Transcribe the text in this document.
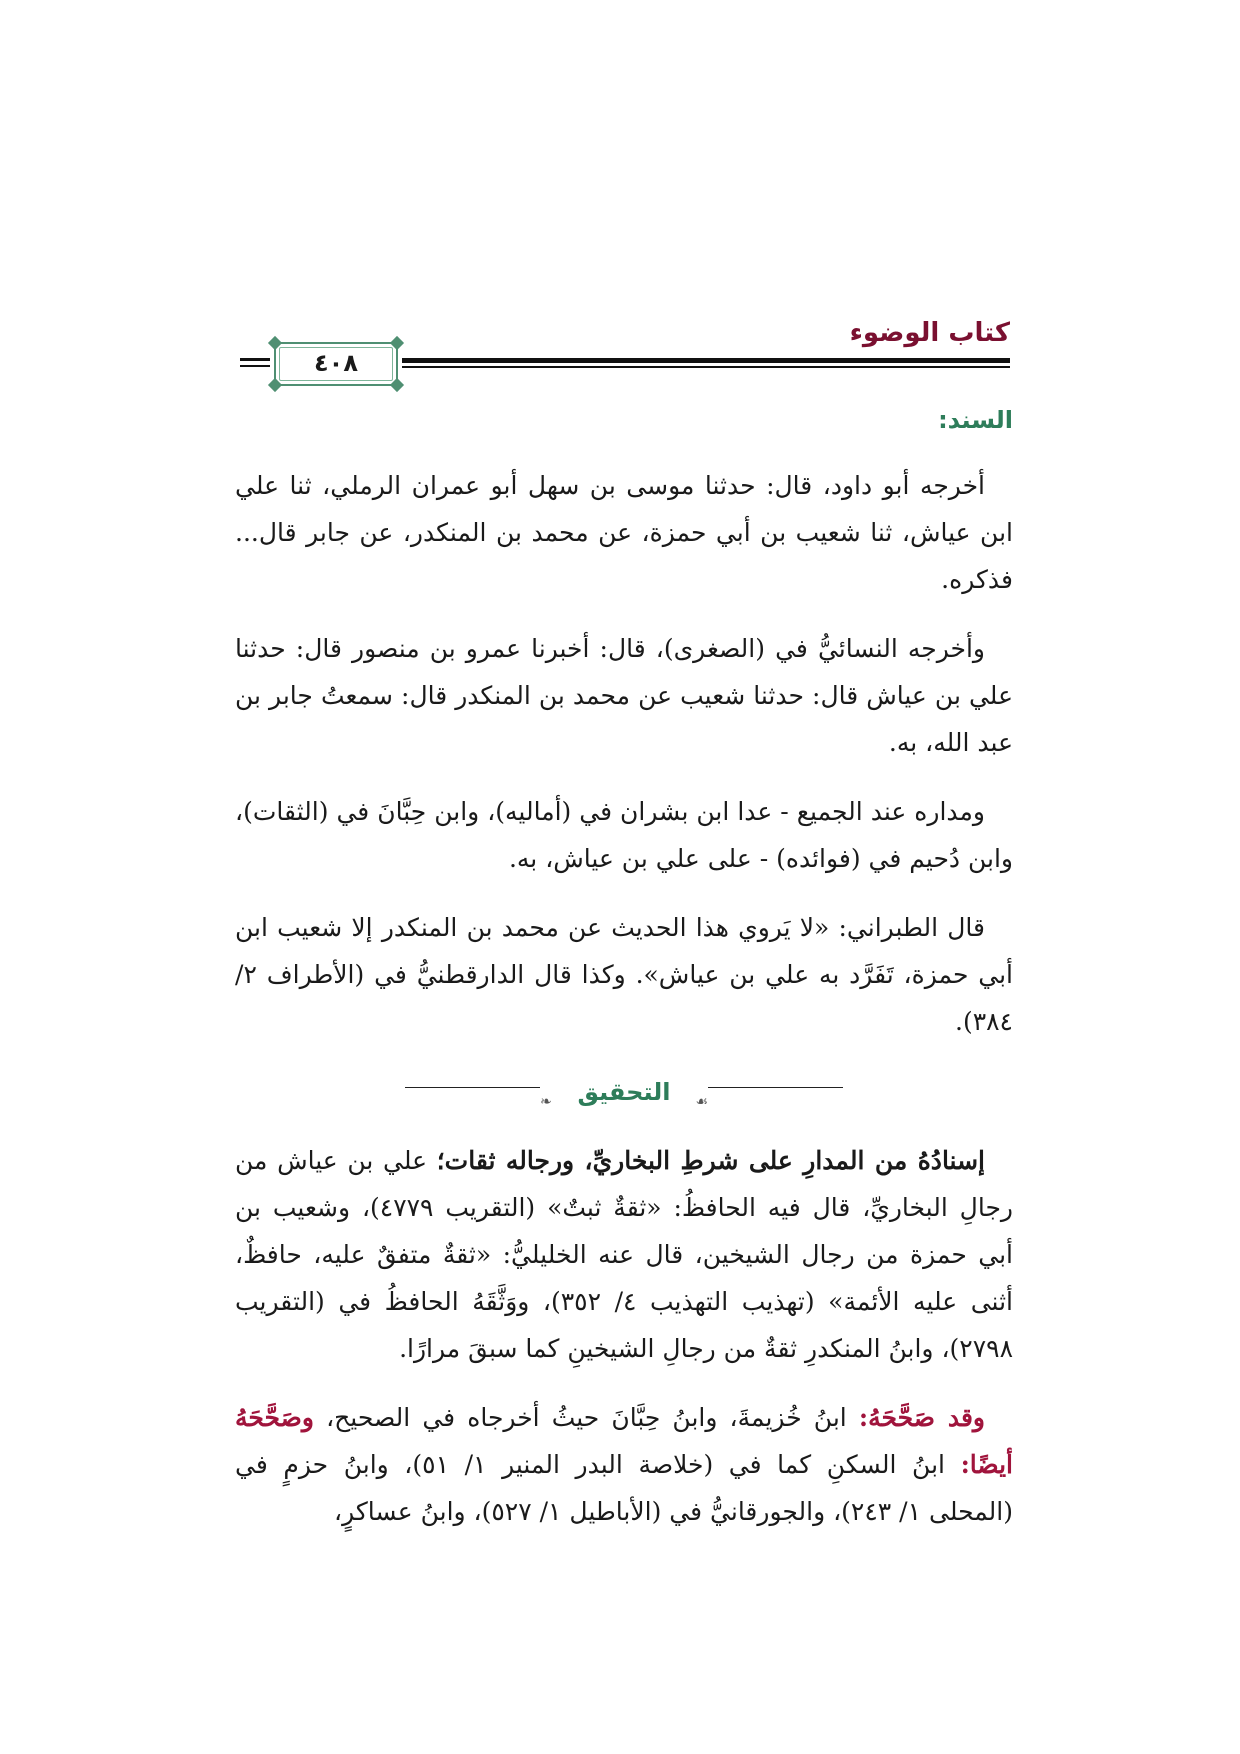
كتاب الوضوء
٤٠٨
السند:

أخرجه أبو داود، قال: حدثنا موسى بن سهل أبو عمران الرملي، ثنا علي ابن عياش، ثنا شعيب بن أبي حمزة، عن محمد بن المنكدر، عن جابر قال... فذكره.

وأخرجه النسائيُّ في (الصغرى)، قال: أخبرنا عمرو بن منصور قال: حدثنا علي بن عياش قال: حدثنا شعيب عن محمد بن المنكدر قال: سمعتُ جابر بن عبد الله، به.

ومداره عند الجميع - عدا ابن بشران في (أماليه)، وابن حِبَّانَ في (الثقات)، وابن دُحيم في (فوائده) - على علي بن عياش، به.

قال الطبراني: «لا يَروي هذا الحديث عن محمد بن المنكدر إلا شعيب ابن أبي حمزة، تَفَرَّد به علي بن عياش». وكذا قال الدارقطنيُّ في (الأطراف ٢/ ٣٨٤).

❧	التحقيق	☙

إسنادُهُ من المدارِ على شرطِ البخاريِّ، ورجاله ثقات؛ علي بن عياش من رجالِ البخاريِّ، قال فيه الحافظُ: «ثقةٌ ثبتٌ» (التقريب ٤٧٧٩)، وشعيب بن أبي حمزة من رجال الشيخين، قال عنه الخليليُّ: «ثقةٌ متفقٌ عليه، حافظٌ، أثنى عليه الأئمة» (تهذيب التهذيب ٤/ ٣٥٢)، ووَثَّقَهُ الحافظُ في (التقريب ٢٧٩٨)، وابنُ المنكدرِ ثقةٌ من رجالِ الشيخينِ كما سبقَ مرارًا.

وقد صَحَّحَهُ: ابنُ خُزيمةَ، وابنُ حِبَّانَ حيثُ أخرجاه في الصحيح، وصَحَّحَهُ أيضًا: ابنُ السكنِ كما في (خلاصة البدر المنير ١/ ٥١)، وابنُ حزمٍ في (المحلى ١/ ٢٤٣)، والجورقانيُّ في (الأباطيل ١/ ٥٢٧)، وابنُ عساكرٍ،
